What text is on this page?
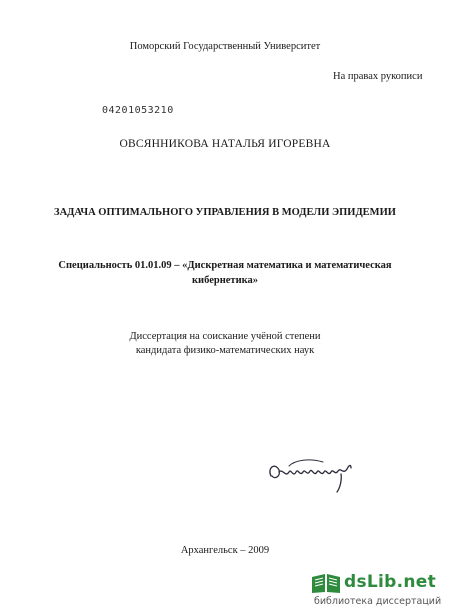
Поморский Государственный Университет
На правах рукописи
04201053210
ОВСЯННИКОВА НАТАЛЬЯ ИГОРЕВНА
ЗАДАЧА ОПТИМАЛЬНОГО УПРАВЛЕНИЯ В МОДЕЛИ ЭПИДЕМИИ
Специальность 01.01.09 – «Дискретная математика и математическая
кибернетика»
Диссертация на соискание учёной степени
кандидата физико-математических наук
Архангельск – 2009
dsLib.net
библиотека диссертаций
